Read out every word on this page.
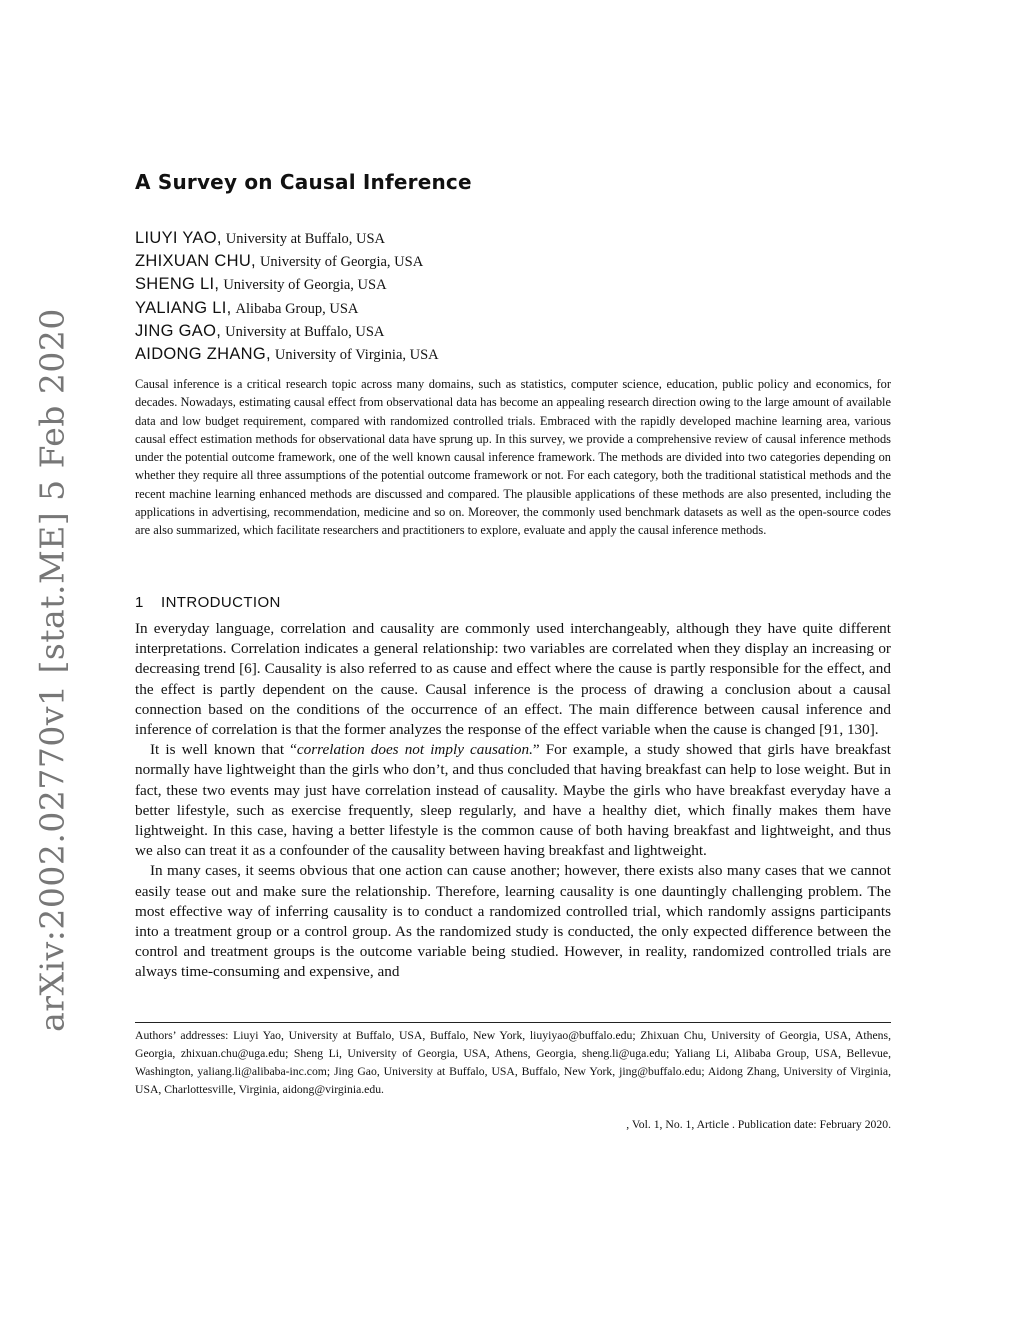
arXiv:2002.02770v1 [stat.ME] 5 Feb 2020
A Survey on Causal Inference
LIUYI YAO, University at Buffalo, USA
ZHIXUAN CHU, University of Georgia, USA
SHENG LI, University of Georgia, USA
YALIANG LI, Alibaba Group, USA
JING GAO, University at Buffalo, USA
AIDONG ZHANG, University of Virginia, USA

Causal inference is a critical research topic across many domains, such as statistics, computer science, education, public policy and economics, for decades. Nowadays, estimating causal effect from observational data has become an appealing research direction owing to the large amount of available data and low budget requirement, compared with randomized controlled trials. Embraced with the rapidly developed machine learning area, various causal effect estimation methods for observational data have sprung up. In this survey, we provide a comprehensive review of causal inference methods under the potential outcome framework, one of the well known causal inference framework. The methods are divided into two categories depending on whether they require all three assumptions of the potential outcome framework or not. For each category, both the traditional statistical methods and the recent machine learning enhanced methods are discussed and compared. The plausible applications of these methods are also presented, including the applications in advertising, recommendation, medicine and so on. Moreover, the commonly used benchmark datasets as well as the open-source codes are also summarized, which facilitate researchers and practitioners to explore, evaluate and apply the causal inference methods.

1 INTRODUCTION

In everyday language, correlation and causality are commonly used interchangeably, although they have quite different interpretations. Correlation indicates a general relationship: two variables are correlated when they display an increasing or decreasing trend [6]. Causality is also referred to as cause and effect where the cause is partly responsible for the effect, and the effect is partly dependent on the cause. Causal inference is the process of drawing a conclusion about a causal connection based on the conditions of the occurrence of an effect. The main difference between causal inference and inference of correlation is that the former analyzes the response of the effect variable when the cause is changed [91, 130].

It is well known that “correlation does not imply causation.” For example, a study showed that girls have breakfast normally have lightweight than the girls who don’t, and thus concluded that having breakfast can help to lose weight. But in fact, these two events may just have correlation instead of causality. Maybe the girls who have breakfast everyday have a better lifestyle, such as exercise frequently, sleep regularly, and have a healthy diet, which finally makes them have lightweight. In this case, having a better lifestyle is the common cause of both having breakfast and lightweight, and thus we also can treat it as a confounder of the causality between having breakfast and lightweight.

In many cases, it seems obvious that one action can cause another; however, there exists also many cases that we cannot easily tease out and make sure the relationship. Therefore, learning causality is one dauntingly challenging problem. The most effective way of inferring causality is to conduct a randomized controlled trial, which randomly assigns participants into a treatment group or a control group. As the randomized study is conducted, the only expected difference between the control and treatment groups is the outcome variable being studied. However, in reality, randomized controlled trials are always time-consuming and expensive, and

Authors’ addresses: Liuyi Yao, University at Buffalo, USA, Buffalo, New York, liuyiyao@buffalo.edu; Zhixuan Chu, University of Georgia, USA, Athens, Georgia, zhixuan.chu@uga.edu; Sheng Li, University of Georgia, USA, Athens, Georgia, sheng.li@uga.edu; Yaliang Li, Alibaba Group, USA, Bellevue, Washington, yaliang.li@alibaba-inc.com; Jing Gao, University at Buffalo, USA, Buffalo, New York, jing@buffalo.edu; Aidong Zhang, University of Virginia, USA, Charlottesville, Virginia, aidong@virginia.edu.

, Vol. 1, No. 1, Article . Publication date: February 2020.
